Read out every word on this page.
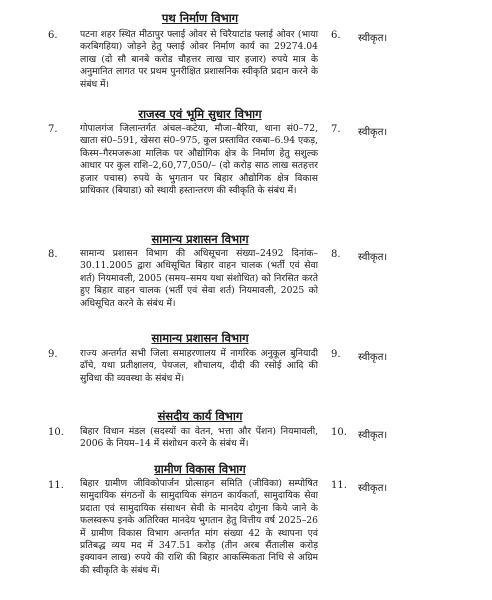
पथ निर्माण विभाग
6. पटना शहर स्थित मीठापुर फ्लाई ओवर से चिरैयाटांड फ्लाई ओवर (भाया करबिगहिया) जोड़ने हेतु फ्लाई ओवर निर्माण कार्य का 29274.04 लाख (दो सौ बानबे करोड चौहत्तर लाख चार हजार) रुपये मात्र के अनुमानित लागत पर प्रथम पुनरीक्षित प्रशासनिक स्वीकृति प्रदान करने के संबंध में।
6. स्वीकृत।
राजस्व एवं भूमि सुधार विभाग
7. गोपालगंज जिलान्तर्गत अंचल–कटेया, मौजा–बैरिया, थाना सं0–72, खाता सं0–591, खेसरा सं0–975, कुल प्रस्तावित रकबा–6.94 एकड़, किस्म–गैरमजरूआ मालिक पर औद्योगिक क्षेत्र के निर्माण हेतु सशुल्क आधार पर कुल राशि–2,60,77,050/– (दो करोड़ साठ लाख सतहत्तर हजार पचास) रुपये के भुगतान पर बिहार औद्योगिक क्षेत्र विकास प्राधिकार (बियाडा) को स्थायी हस्तान्तरण की स्वीकृति के संबंध में।
7. स्वीकृत।
सामान्य प्रशासन विभाग
8. सामान्य प्रशासन विभाग की अधिसूचना संख्या–2492 दिनांक–30.11.2005 द्वारा अधिसूचित बिहार वाहन चालक (भर्ती एवं सेवा शर्त) नियमावली, 2005 (समय–समय यथा संशोधित) को निरसित करते हुए बिहार वाहन चालक (भर्ती एवं सेवा शर्त) नियमावली, 2025 को अधिसूचित करने के संबंध में।
8. स्वीकृत।
सामान्य प्रशासन विभाग
9. राज्य अन्तर्गत सभी जिला समाहरणालय में नागरिक अनुकूल बुनियादी ढाँचे, यथा प्रतीक्षालय, पेयजल, शौचालय, दीदी की रसोई आदि की सुविधा की व्यवस्था के संबंध में।
9. स्वीकृत।
संसदीय कार्य विभाग
10. बिहार विधान मंडल (सदस्यों का वेतन, भत्ता और पेंशन) नियमावली, 2006 के नियम–14 में संशोधन करने के संबंध में।
10. स्वीकृत।
ग्रामीण विकास विभाग
11. बिहार ग्रामीण जीविकोपार्जन प्रोत्साहन समिति (जीविका) सम्पोषित सामुदायिक संगठनों के सामुदायिक संगठन कार्यकर्ता, सामुदायिक सेवा प्रदाता एवं सामुदायिक संसाधन सेवी के मानदेय दोगुना किये जाने के फलस्वरूप इनके अतिरिक्त मानदेय भुगतान हेतु वित्तीय वर्ष 2025–26 में ग्रामीण विकास विभाग अन्तर्गत मांग संख्या 42 के स्थापना एवं प्रतिबद्ध व्यय मद में 347.51 करोड़ (तीन अरब सैंतालीस करोड़ इक्यावन लाख) रुपये की राशि की बिहार आकस्मिकता निधि से अग्रिम की स्वीकृति के संबंध में।
11. स्वीकृत।
